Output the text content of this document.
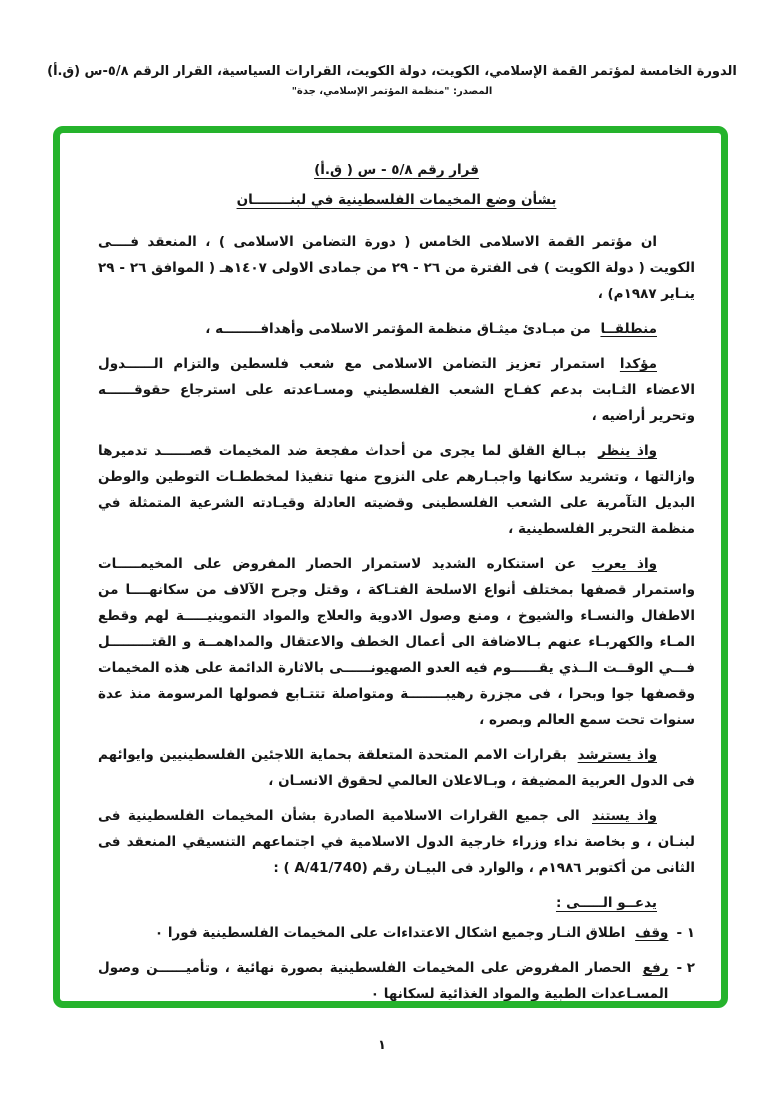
الدورة الخامسة لمؤتمر القمة الإسلامي، الكويت، دولة الكويت، القرارات السياسية، القرار الرقم ٥/٨-س (ق.أ)
المصدر: "منظمة المؤتمر الإسلامي، جدة"
قرار رقم ٥/٨ - س ( ق.أ)
بشأن وضع المخيمات الفلسطينية في لبنــــــــان

ان مؤتمر القمة الاسلامى الخامس ( دورة التضامن الاسلامى ) ، المنعقد فــــى الكويت ( دولة الكويت ) فى الفترة من ٢٦ - ٢٩ من جمادى الاولى ١٤٠٧هـ ( الموافق ٢٦ - ٢٩ ينـاير ١٩٨٧م) ،

منطلقــا من مبـادئ ميثـاق منظمة المؤتمر الاسلامى وأهدافــــــــه ،

مؤكدا استمرار تعزيز التضامن الاسلامى مع شعب فلسطين والتزام الــــــدول الاعضاء الثـابت بدعم كفـاح الشعب الفلسطيني ومسـاعدته على استرجاع حقوقــــــه وتحرير أراضيه ،

واذ ينظر ببـالغ القلق لما يجرى من أحداث مفجعة ضد المخيمات قصــــــد تدميرها وازالتها ، وتشريد سكانها واجبـارهم على النزوح منها تنفيذا لمخططـات التوطين والوطن البديل التآمرية على الشعب الفلسطينى وقضيته العادلة وقيـادته الشرعية المتمثلة في منظمة التحرير الفلسطينية ،

واذ يعرب عن استنكاره الشديد لاستمرار الحصار المفروض على المخيمـــــات واستمرار قصفها بمختلف أنواع الاسلحة الفتـاكة ، وقتل وجرح الآلاف من سكانهــــا من الاطفال والنسـاء والشيوخ ، ومنع وصول الادوية والعلاج والمواد التموينيـــــة لهم وقطع المـاء والكهربـاء عنهم بـالاضافة الى أعمال الخطف والاعتقال والمداهمــة و القتـــــــــل فـــي الوقــت الــذي يقــــــوم فيه العدو الصهيونــــــى بالاثارة الدائمة على هذه المخيمات وقصفها جوا وبحرا ، فى مجزرة رهيبــــــــة ومتواصلة تتتـابع فصولها المرسومة منذ عدة سنوات تحت سمع العالم وبصره ،

واذ يسترشد بقرارات الامم المتحدة المتعلقة بحماية اللاجئين الفلسطينيين وايوائهم فى الدول العربية المضيفة ، وبـالاعلان العالمي لحقوق الانسـان ،

واذ يستند الى جميع القرارات الاسلامية الصادرة بشأن المخيمات الفلسطينية فى لبنـان ، و بخاصة نداء وزراء خارجية الدول الاسلامية في اجتماعهم التنسيقي المنعقد فى الثانى من أكتوبر ١٩٨٦م ، والوارد فى البيـان رقم (A/41/740 ) :

يدعــو الـــــى :
١ -
وقف اطلاق النـار وجميع اشكال الاعتداءات على المخيمات الفلسطينية فورا ٠
٢ -
رفع الحصار المفروض على المخيمات الفلسطينية بصورة نهائية ، وتأميــــــن وصول المسـاعدات الطبية والمواد الغذائية لسكانها ٠
١
